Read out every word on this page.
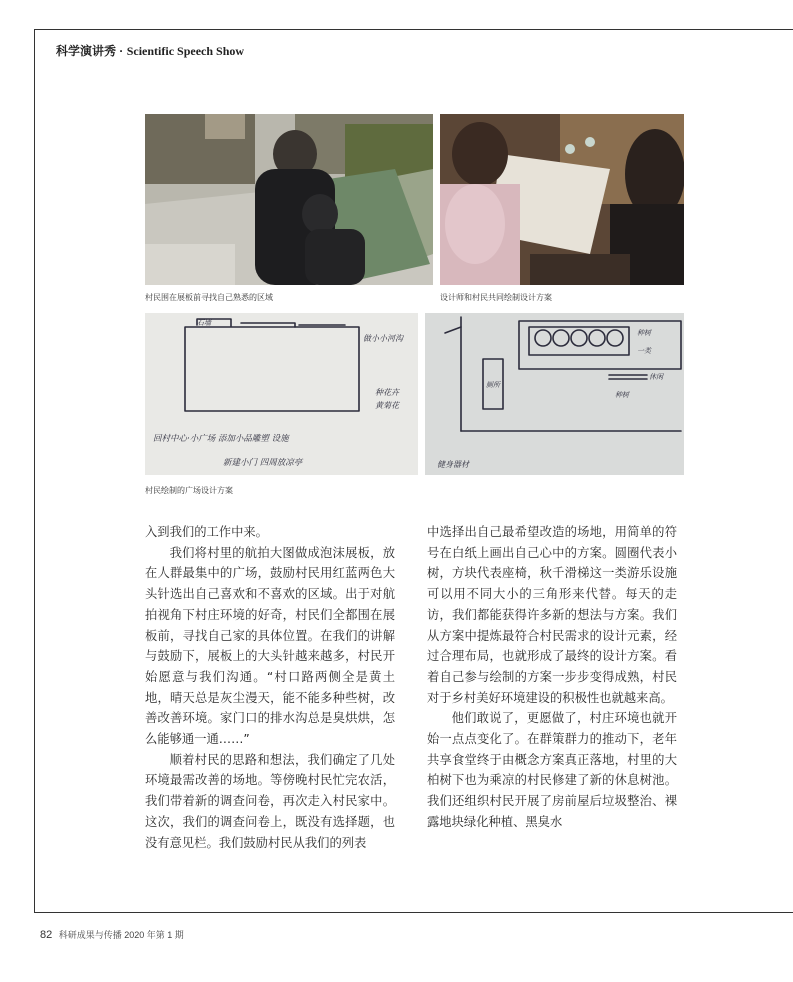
科学演讲秀 · Scientific Speech Show
村民围在展板前寻找自己熟悉的区域	设计师和村民共同绘制设计方案
石墙
做小小河沟
种花卉
黄菊花
回村中心·小广场 添加小品雕塑 设施
新建小门 四周放凉亭
厕所
种树
一类
休闲
种树
健身器材
村民绘制的广场设计方案

入到我们的工作中来。

我们将村里的航拍大图做成泡沫展板，放在人群最集中的广场，鼓励村民用红蓝两色大头针选出自己喜欢和不喜欢的区域。出于对航拍视角下村庄环境的好奇，村民们全都围在展板前，寻找自己家的具体位置。在我们的讲解与鼓励下，展板上的大头针越来越多，村民开始愿意与我们沟通。“村口路两侧全是黄土地，晴天总是灰尘漫天，能不能多种些树，改善改善环境。家门口的排水沟总是臭烘烘，怎么能够通一通……”

顺着村民的思路和想法，我们确定了几处环境最需改善的场地。等傍晚村民忙完农活，我们带着新的调查问卷，再次走入村民家中。这次，我们的调查问卷上，既没有选择题，也没有意见栏。我们鼓励村民从我们的列表

中选择出自己最希望改造的场地，用简单的符号在白纸上画出自己心中的方案。圆圈代表小树，方块代表座椅，秋千滑梯这一类游乐设施可以用不同大小的三角形来代替。每天的走访，我们都能获得许多新的想法与方案。我们从方案中提炼最符合村民需求的设计元素，经过合理布局，也就形成了最终的设计方案。看着自己参与绘制的方案一步步变得成熟，村民对于乡村美好环境建设的积极性也就越来高。

他们敢说了，更愿做了，村庄环境也就开始一点点变化了。在群策群力的推动下，老年共享食堂终于由概念方案真正落地，村里的大柏树下也为乘凉的村民修建了新的休息树池。我们还组织村民开展了房前屋后垃圾整治、裸露地块绿化种植、黑臭水

82 科研成果与传播 2020 年第 1 期
